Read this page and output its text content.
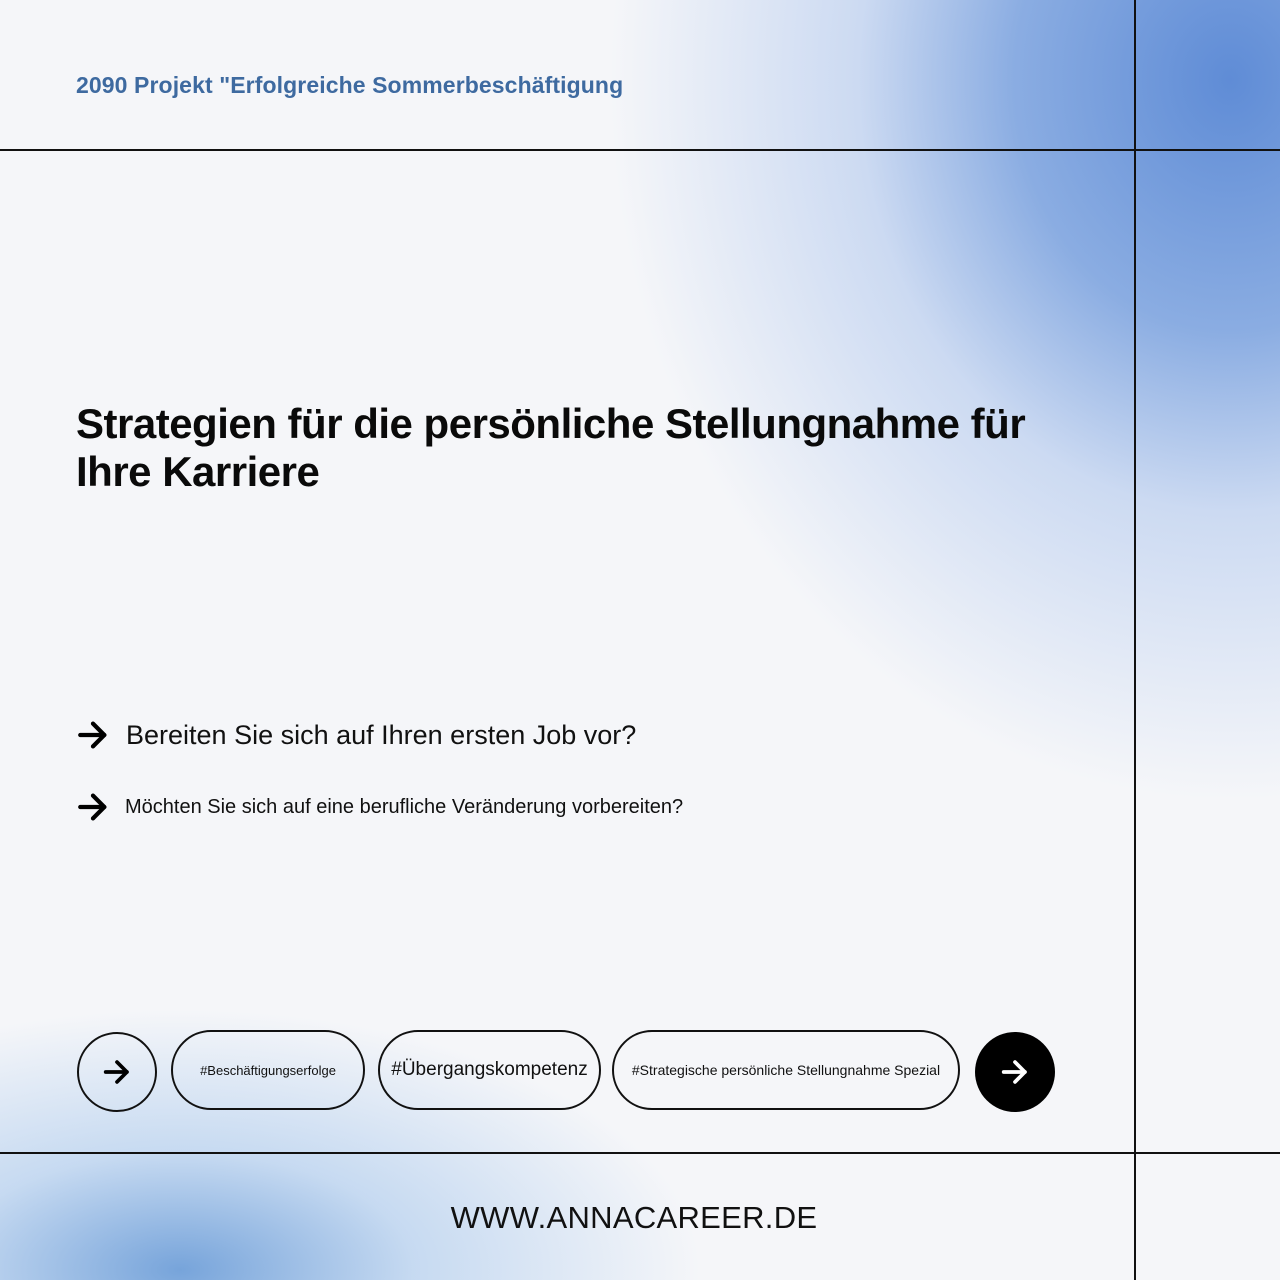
2090 Projekt "Erfolgreiche Sommerbeschäftigung
Strategien für die persönliche Stellungnahme für
Ihre Karriere
Bereiten Sie sich auf Ihren ersten Job vor?
Möchten Sie sich auf eine berufliche Veränderung vorbereiten?
#Beschäftigungserfolge	#Übergangskompetenz	#Strategische persönliche Stellungnahme Spezial
WWW.ANNACAREER.DE
